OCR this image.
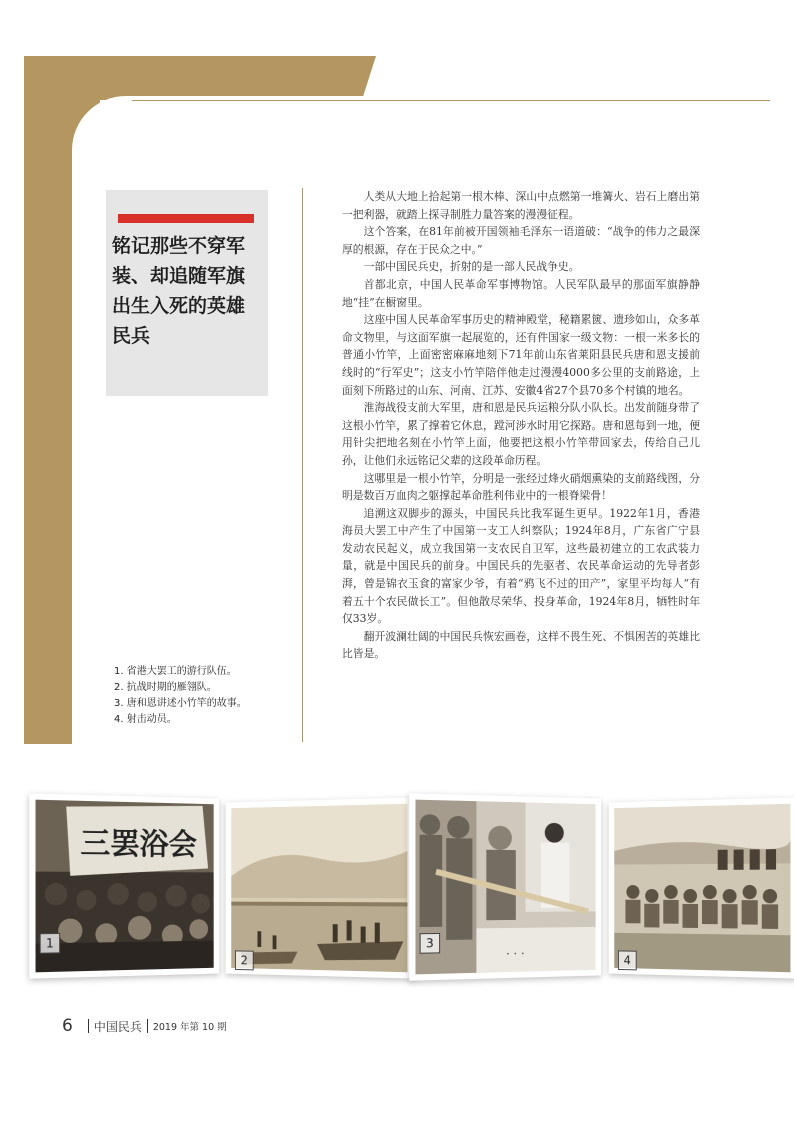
铭记那些不穿军装、却追随军旗出生入死的英雄民兵
1. 省港大罢工的游行队伍。
2. 抗战时期的雁翎队。
3. 唐和恩讲述小竹竿的故事。
4. 射击动员。

人类从大地上拾起第一根木棒、深山中点燃第一堆篝火、岩石上磨出第一把利器，就踏上探寻制胜力量答案的漫漫征程。

这个答案，在81年前被开国领袖毛泽东一语道破：“战争的伟力之最深厚的根源，存在于民众之中。”

一部中国民兵史，折射的是一部人民战争史。

首都北京，中国人民革命军事博物馆。人民军队最早的那面军旗静静地“挂”在橱窗里。

这座中国人民革命军事历史的精神殿堂，秘籍累篋、遗珍如山，众多革命文物里，与这面军旗一起展览的，还有件国家一级文物：一根一米多长的普通小竹竿，上面密密麻麻地刻下71年前山东省莱阳县民兵唐和恩支援前线时的“行军史”；这支小竹竿陪伴他走过漫漫4000多公里的支前路途，上面刻下所路过的山东、河南、江苏、安徽4省27个县70多个村镇的地名。

淮海战役支前大军里，唐和恩是民兵运粮分队小队长。出发前随身带了这根小竹竿，累了撑着它休息，蹚河涉水时用它探路。唐和恩每到一地，便用针尖把地名刻在小竹竿上面，他要把这根小竹竿带回家去，传给自己儿孙，让他们永远铭记父辈的这段革命历程。

这哪里是一根小竹竿，分明是一张经过烽火硝烟熏染的支前路线图，分明是数百万血肉之躯撑起革命胜利伟业中的一根脊梁骨！

追溯这双脚步的源头，中国民兵比我军诞生更早。1922年1月，香港海员大罢工中产生了中国第一支工人纠察队；1924年8月，广东省广宁县发动农民起义，成立我国第一支农民自卫军，这些最初建立的工农武装力量，就是中国民兵的前身。中国民兵的先驱者、农民革命运动的先导者彭湃，曾是锦衣玉食的富家少爷，有着“鸦飞不过的田产”，家里平均每人“有着五十个农民做长工”。但他散尽荣华、投身革命，1924年8月，牺牲时年仅33岁。

翻开波澜壮阔的中国民兵恢宏画卷，这样不畏生死、不惧困苦的英雄比比皆是。

三罢浴会
1
2	· · ·
3
4
6 中国民兵 2019 年第 10 期
